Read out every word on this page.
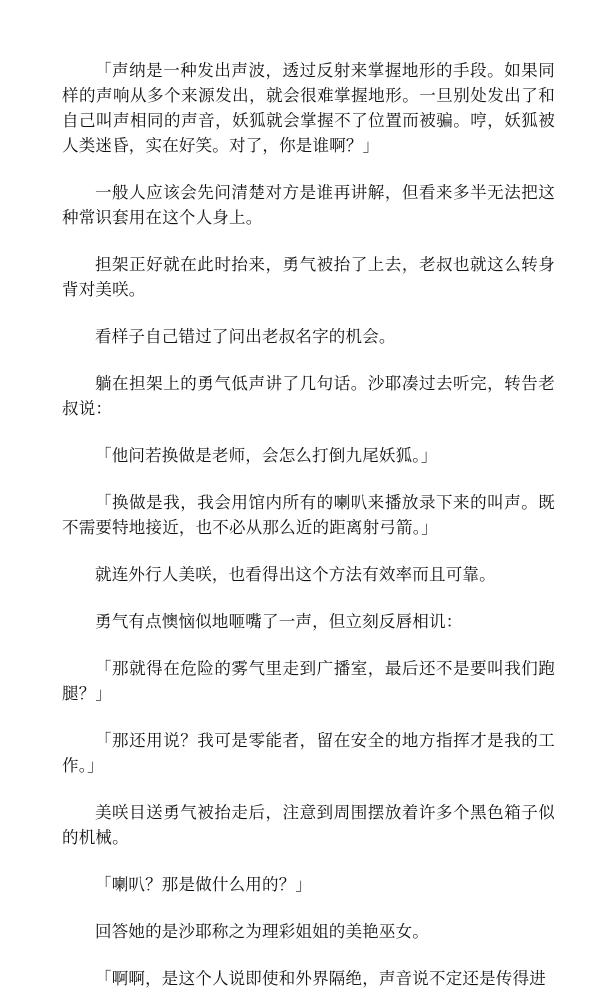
「声纳是一种发出声波，透过反射来掌握地形的手段。如果同样的声响从多个来源发出，就会很难掌握地形。一旦别处发出了和自己叫声相同的声音，妖狐就会掌握不了位置而被骗。哼，妖狐被人类迷昏，实在好笑。对了，你是谁啊？」

一般人应该会先问清楚对方是谁再讲解，但看来多半无法把这种常识套用在这个人身上。

担架正好就在此时抬来，勇气被抬了上去，老叔也就这么转身背对美咲。

看样子自己错过了问出老叔名字的机会。

躺在担架上的勇气低声讲了几句话。沙耶凑过去听完，转告老叔说：

「他问若换做是老师，会怎么打倒九尾妖狐。」

「换做是我，我会用馆内所有的喇叭来播放录下来的叫声。既不需要特地接近，也不必从那么近的距离射弓箭。」

就连外行人美咲，也看得出这个方法有效率而且可靠。

勇气有点懊恼似地咂嘴了一声，但立刻反唇相讥：

「那就得在危险的雾气里走到广播室，最后还不是要叫我们跑腿？」

「那还用说？我可是零能者，留在安全的地方指挥才是我的工作。」

美咲目送勇气被抬走后，注意到周围摆放着许多个黑色箱子似的机械。

「喇叭？那是做什么用的？」

回答她的是沙耶称之为理彩姐姐的美艳巫女。

「啊啊，是这个人说即使和外界隔绝，声音说不定还是传得进
